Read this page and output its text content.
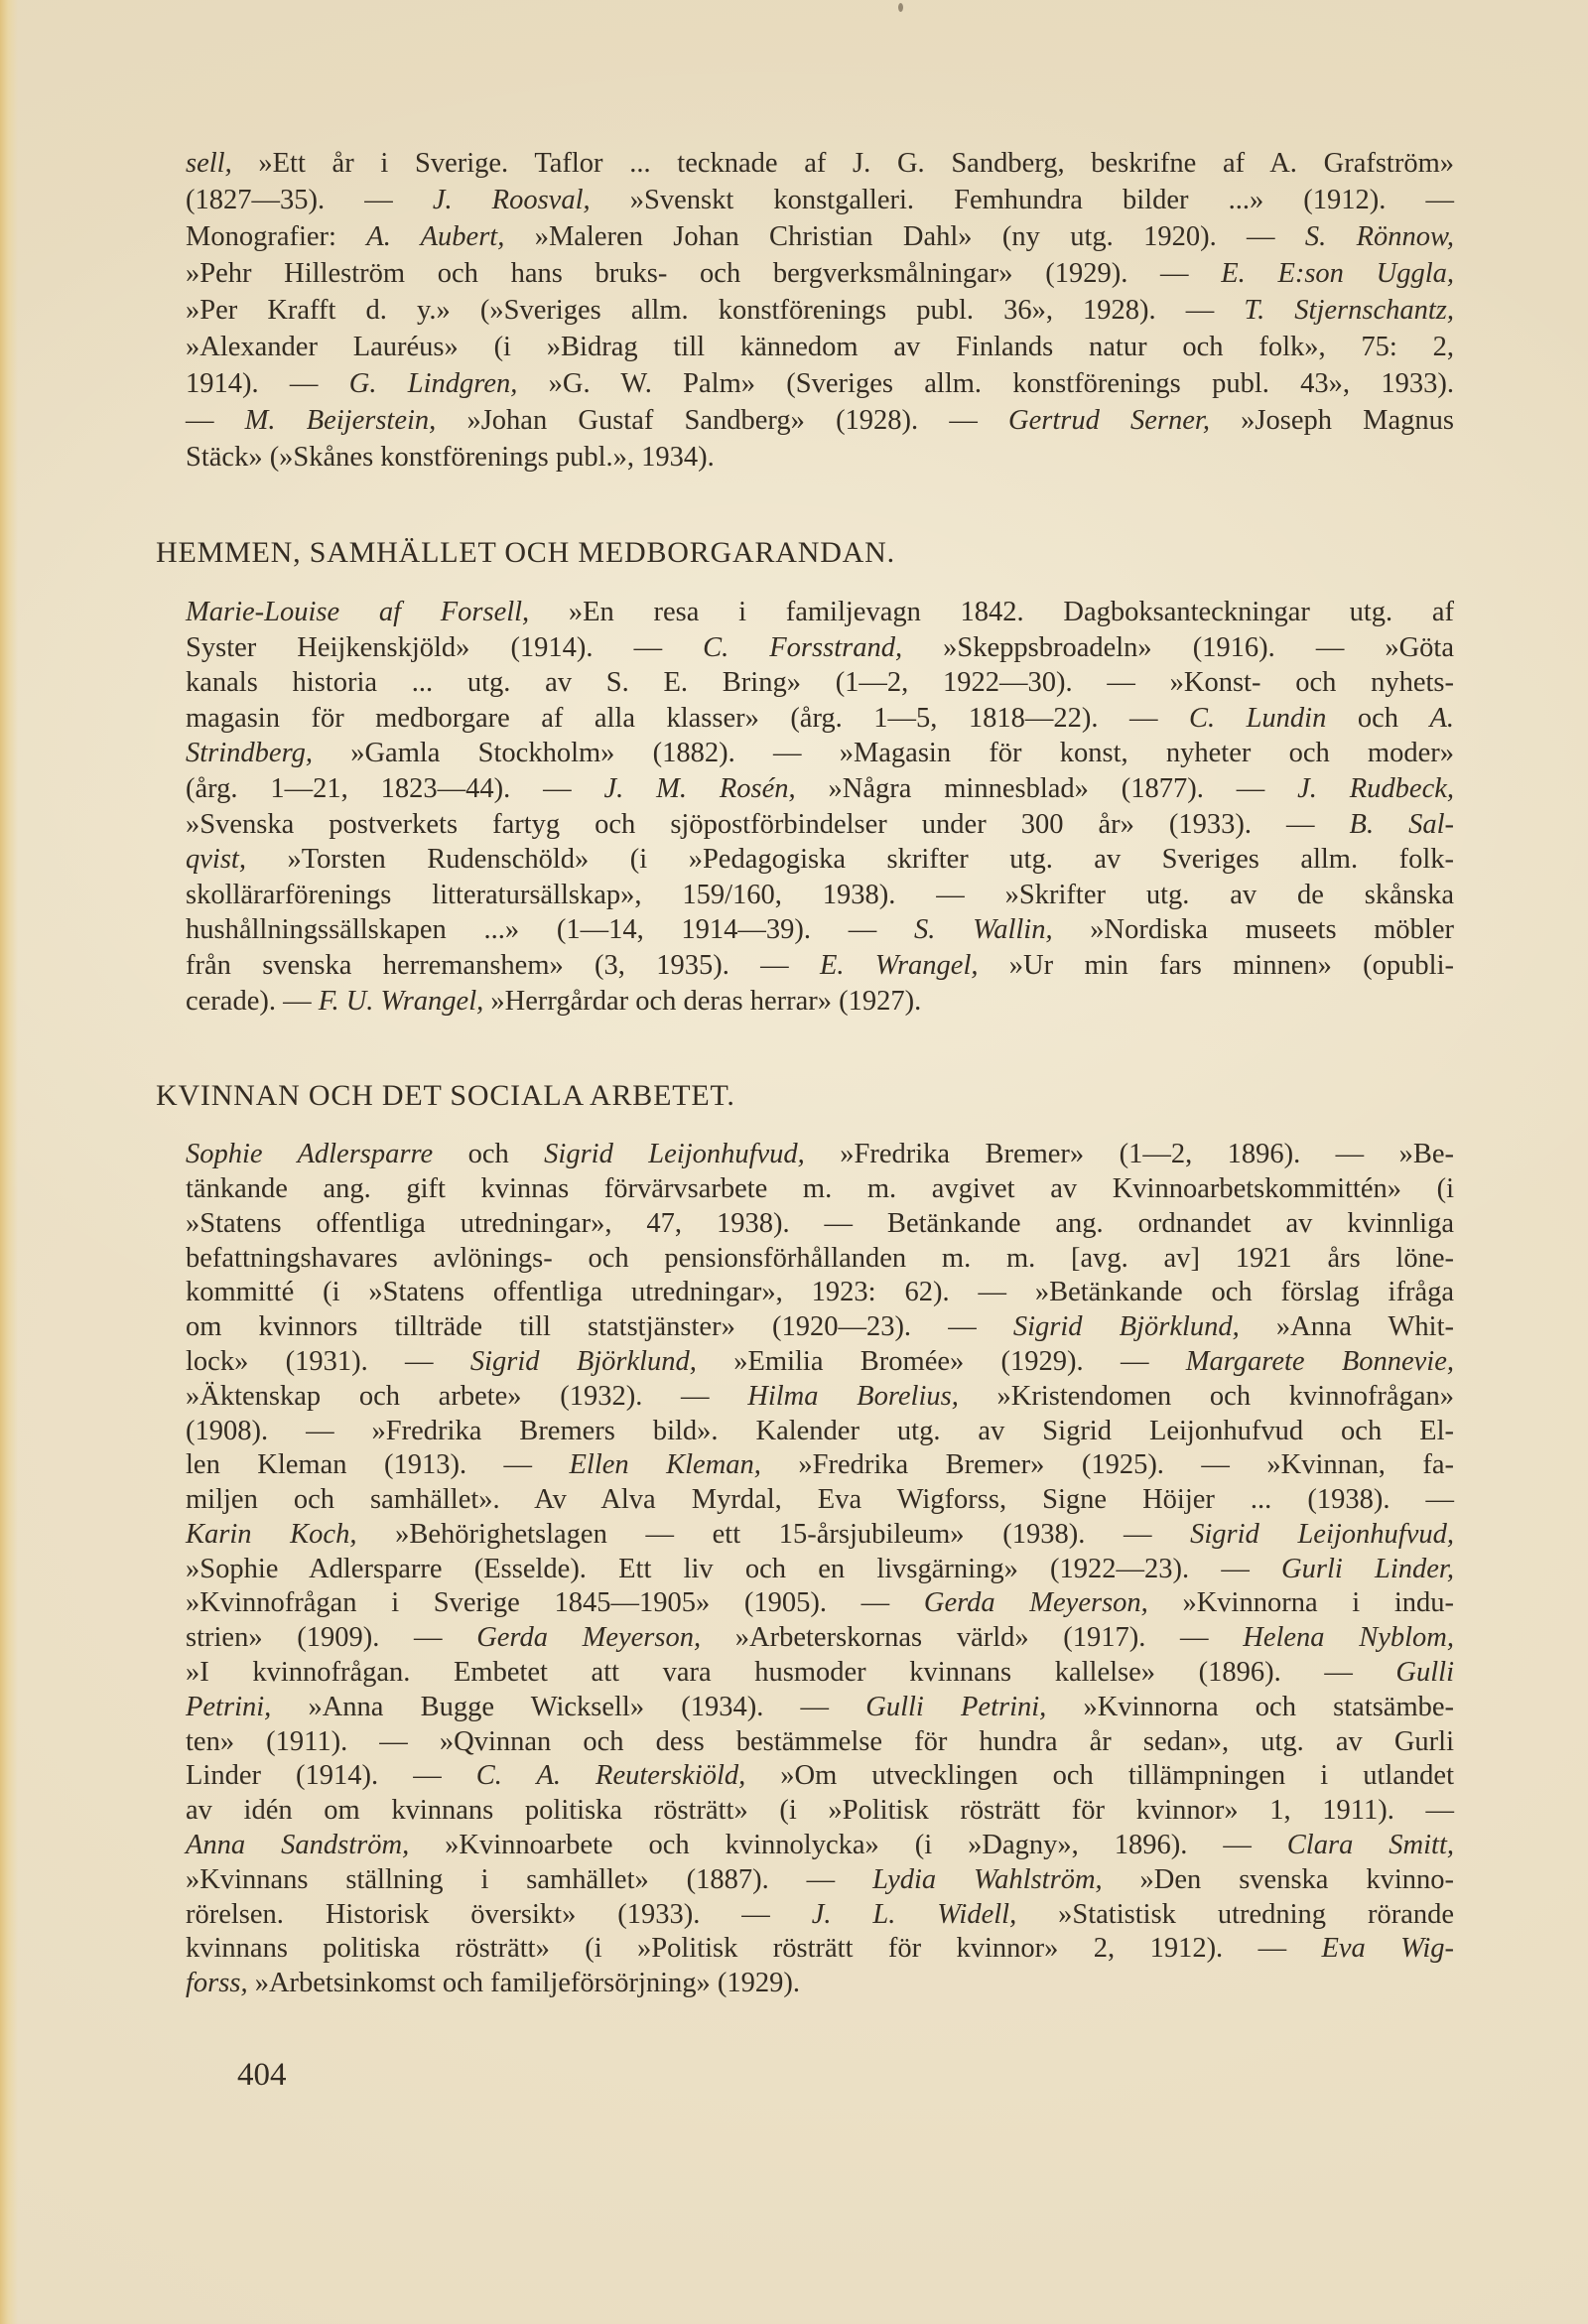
sell, »Ett år i Sverige. Taflor ... tecknade af J. G. Sandberg, beskrifne af A. Grafström»
(1827—35). — J. Roosval, »Svenskt konstgalleri. Femhundra bilder ...» (1912). —
Monografier: A. Aubert, »Maleren Johan Christian Dahl» (ny utg. 1920). — S. Rönnow,
»Pehr Hilleström och hans bruks- och bergverksmålningar» (1929). — E. E:son Uggla,
»Per Krafft d. y.» (»Sveriges allm. konstförenings publ. 36», 1928). — T. Stjernschantz,
»Alexander Lauréus» (i »Bidrag till kännedom av Finlands natur och folk», 75: 2,
1914). — G. Lindgren, »G. W. Palm» (Sveriges allm. konstförenings publ. 43», 1933).
— M. Beijerstein, »Johan Gustaf Sandberg» (1928). — Gertrud Serner, »Joseph Magnus
Stäck» (»Skånes konstförenings publ.», 1934).
HEMMEN, SAMHÄLLET OCH MEDBORGARANDAN.
Marie-Louise af Forsell, »En resa i familjevagn 1842. Dagboksanteckningar utg. af
Syster Heijkenskjöld» (1914). — C. Forsstrand, »Skeppsbroadeln» (1916). — »Göta
kanals historia ... utg. av S. E. Bring» (1—2, 1922—30). — »Konst- och nyhets-
magasin för medborgare af alla klasser» (årg. 1—5, 1818—22). — C. Lundin och A.
Strindberg, »Gamla Stockholm» (1882). — »Magasin för konst, nyheter och moder»
(årg. 1—21, 1823—44). — J. M. Rosén, »Några minnesblad» (1877). — J. Rudbeck,
»Svenska postverkets fartyg och sjöpostförbindelser under 300 år» (1933). — B. Sal-
qvist, »Torsten Rudenschöld» (i »Pedagogiska skrifter utg. av Sveriges allm. folk-
skollärarförenings litteratursällskap», 159/160, 1938). — »Skrifter utg. av de skånska
hushållningssällskapen ...» (1—14, 1914—39). — S. Wallin, »Nordiska museets möbler
från svenska herremanshem» (3, 1935). — E. Wrangel, »Ur min fars minnen» (opubli-
cerade). — F. U. Wrangel, »Herrgårdar och deras herrar» (1927).
KVINNAN OCH DET SOCIALA ARBETET.
Sophie Adlersparre och Sigrid Leijonhufvud, »Fredrika Bremer» (1—2, 1896). — »Be-
tänkande ang. gift kvinnas förvärvsarbete m. m. avgivet av Kvinnoarbetskommittén» (i
»Statens offentliga utredningar», 47, 1938). — Betänkande ang. ordnandet av kvinnliga
befattningshavares avlönings- och pensionsförhållanden m. m. [avg. av] 1921 års löne-
kommitté (i »Statens offentliga utredningar», 1923: 62). — »Betänkande och förslag ifråga
om kvinnors tillträde till statstjänster» (1920—23). — Sigrid Björklund, »Anna Whit-
lock» (1931). — Sigrid Björklund, »Emilia Bromée» (1929). — Margarete Bonnevie,
»Äktenskap och arbete» (1932). — Hilma Borelius, »Kristendomen och kvinnofrågan»
(1908). — »Fredrika Bremers bild». Kalender utg. av Sigrid Leijonhufvud och El-
len Kleman (1913). — Ellen Kleman, »Fredrika Bremer» (1925). — »Kvinnan, fa-
miljen och samhället». Av Alva Myrdal, Eva Wigforss, Signe Höijer ... (1938). —
Karin Koch, »Behörighetslagen — ett 15-årsjubileum» (1938). — Sigrid Leijonhufvud,
»Sophie Adlersparre (Esselde). Ett liv och en livsgärning» (1922—23). — Gurli Linder,
»Kvinnofrågan i Sverige 1845—1905» (1905). — Gerda Meyerson, »Kvinnorna i indu-
strien» (1909). — Gerda Meyerson, »Arbeterskornas värld» (1917). — Helena Nyblom,
»I kvinnofrågan. Embetet att vara husmoder kvinnans kallelse» (1896). — Gulli
Petrini, »Anna Bugge Wicksell» (1934). — Gulli Petrini, »Kvinnorna och statsämbe-
ten» (1911). — »Qvinnan och dess bestämmelse för hundra år sedan», utg. av Gurli
Linder (1914). — C. A. Reuterskiöld, »Om utvecklingen och tillämpningen i utlandet
av idén om kvinnans politiska rösträtt» (i »Politisk rösträtt för kvinnor» 1, 1911). —
Anna Sandström, »Kvinnoarbete och kvinnolycka» (i »Dagny», 1896). — Clara Smitt,
»Kvinnans ställning i samhället» (1887). — Lydia Wahlström, »Den svenska kvinno-
rörelsen. Historisk översikt» (1933). — J. L. Widell, »Statistisk utredning rörande
kvinnans politiska rösträtt» (i »Politisk rösträtt för kvinnor» 2, 1912). — Eva Wig-
forss, »Arbetsinkomst och familjeförsörjning» (1929).
404
